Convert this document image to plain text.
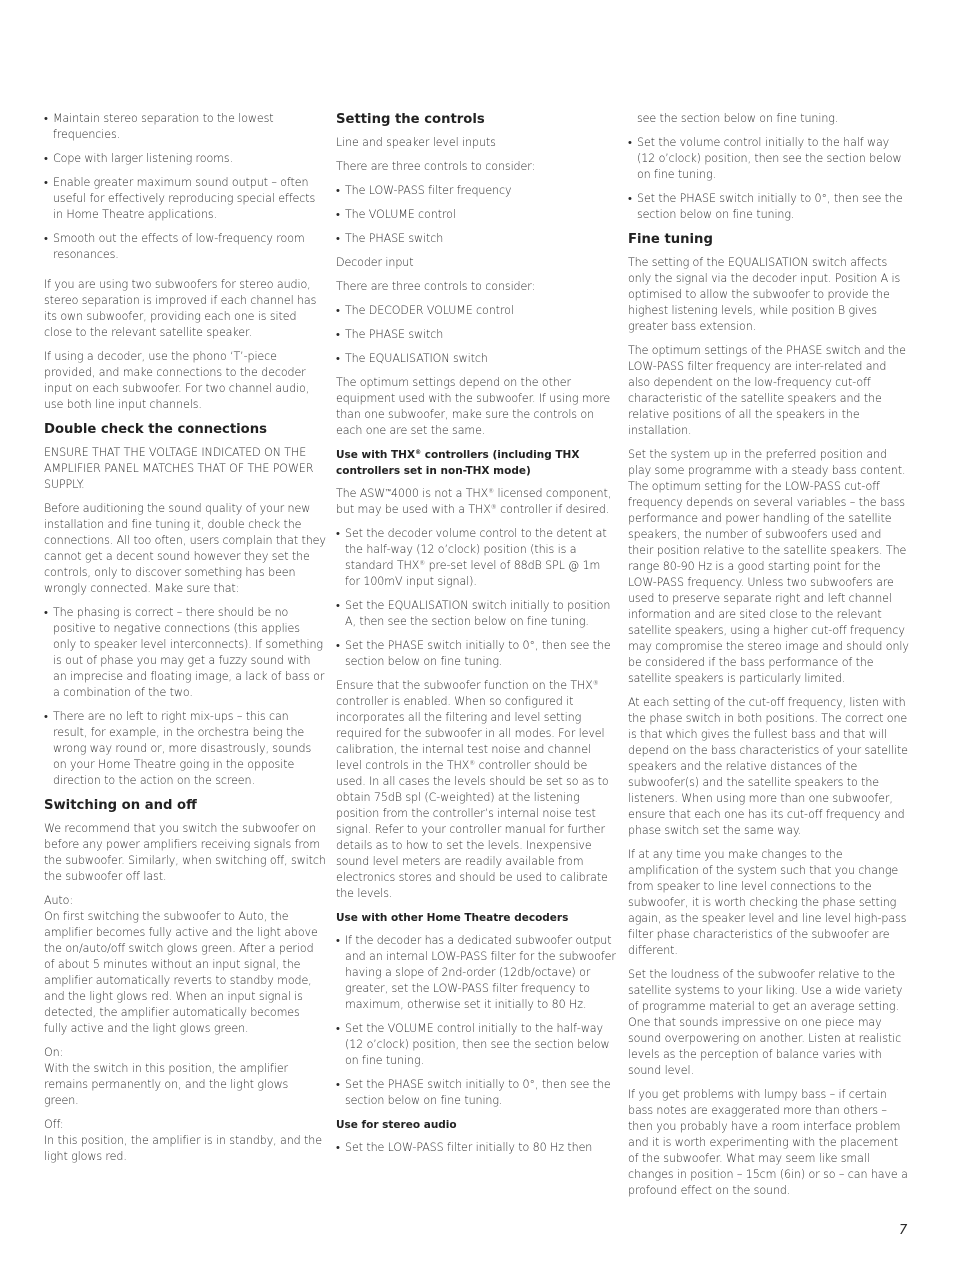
• Maintain stereo separation to the lowest frequencies.

• Cope with larger listening rooms.

• Enable greater maximum sound output – often useful for effectively reproducing special effects in Home Theatre applications.

• Smooth out the effects of low-frequency room resonances.

If you are using two subwoofers for stereo audio, stereo separation is improved if each channel has its own subwoofer, providing each one is sited close to the relevant satellite speaker.

If using a decoder, use the phono ‘T’-piece provided, and make connections to the decoder input on each subwoofer. For two channel audio, use both line input channels.

Double check the connections

ENSURE THAT THE VOLTAGE INDICATED ON THE AMPLIFIER PANEL MATCHES THAT OF THE POWER SUPPLY.

Before auditioning the sound quality of your new installation and fine tuning it, double check the connections. All too often, users complain that they cannot get a decent sound however they set the controls, only to discover something has been wrongly connected. Make sure that:

• The phasing is correct – there should be no positive to negative connections (this applies only to speaker level interconnects). If something is out of phase you may get a fuzzy sound with an imprecise and floating image, a lack of bass or a combination of the two.

• There are no left to right mix-ups – this can result, for example, in the orchestra being the wrong way round or, more disastrously, sounds on your Home Theatre going in the opposite direction to the action on the screen.

Switching on and off

We recommend that you switch the subwoofer on before any power amplifiers receiving signals from the subwoofer. Similarly, when switching off, switch the subwoofer off last.

Auto:

On first switching the subwoofer to Auto, the amplifier becomes fully active and the light above the on/auto/off switch glows green. After a period of about 5 minutes without an input signal, the amplifier automatically reverts to standby mode, and the light glows red. When an input signal is detected, the amplifier automatically becomes fully active and the light glows green.

On:

With the switch in this position, the amplifier remains permanently on, and the light glows green.

Off:

In this position, the amplifier is in standby, and the light glows red.

Setting the controls

Line and speaker level inputs

There are three controls to consider:

• The LOW-PASS filter frequency

• The VOLUME control

• The PHASE switch

Decoder input

There are three controls to consider:

• The DECODER VOLUME control

• The PHASE switch

• The EQUALISATION switch

The optimum settings depend on the other equipment used with the subwoofer. If using more than one subwoofer, make sure the controls on each one are set the same.

Use with THX® controllers (including THX controllers set in non-THX mode)

The ASW™4000 is not a THX® licensed component, but may be used with a THX® controller if desired.

• Set the decoder volume control to the detent at the half-way (12 o’clock) position (this is a standard THX® pre-set level of 88dB SPL @ 1m for 100mV input signal).

• Set the EQUALISATION switch initially to position A, then see the section below on fine tuning.

• Set the PHASE switch initially to 0°, then see the section below on fine tuning.

Ensure that the subwoofer function on the THX® controller is enabled. When so configured it incorporates all the filtering and level setting required for the subwoofer in all modes. For level calibration, the internal test noise and channel level controls in the THX® controller should be used. In all cases the levels should be set so as to obtain 75dB spl (C-weighted) at the listening position from the controller’s internal noise test signal. Refer to your controller manual for further details as to how to set the levels. Inexpensive sound level meters are readily available from electronics stores and should be used to calibrate the levels.

Use with other Home Theatre decoders

• If the decoder has a dedicated subwoofer output and an internal LOW-PASS filter for the subwoofer having a slope of 2nd-order (12db/octave) or greater, set the LOW-PASS filter frequency to maximum, otherwise set it initially to 80 Hz.

• Set the VOLUME control initially to the half-way (12 o’clock) position, then see the section below on fine tuning.

• Set the PHASE switch initially to 0°, then see the section below on fine tuning.

Use for stereo audio

• Set the LOW-PASS filter initially to 80 Hz then

see the section below on fine tuning.

• Set the volume control initially to the half way (12 o’clock) position, then see the section below on fine tuning.

• Set the PHASE switch initially to 0°, then see the section below on fine tuning.

Fine tuning

The setting of the EQUALISATION switch affects only the signal via the decoder input. Position A is optimised to allow the subwoofer to provide the highest listening levels, while position B gives greater bass extension.

The optimum settings of the PHASE switch and the LOW-PASS filter frequency are inter-related and also dependent on the low-frequency cut-off characteristic of the satellite speakers and the relative positions of all the speakers in the installation.

Set the system up in the preferred position and play some programme with a steady bass content. The optimum setting for the LOW-PASS cut-off frequency depends on several variables – the bass performance and power handling of the satellite speakers, the number of subwoofers used and their position relative to the satellite speakers. The range 80-90 Hz is a good starting point for the LOW-PASS frequency. Unless two subwoofers are used to preserve separate right and left channel information and are sited close to the relevant satellite speakers, using a higher cut-off frequency may compromise the stereo image and should only be considered if the bass performance of the satellite speakers is particularly limited.

At each setting of the cut-off frequency, listen with the phase switch in both positions. The correct one is that which gives the fullest bass and that will depend on the bass characteristics of your satellite speakers and the relative distances of the subwoofer(s) and the satellite speakers to the listeners. When using more than one subwoofer, ensure that each one has its cut-off frequency and phase switch set the same way.

If at any time you make changes to the amplification of the system such that you change from speaker to line level connections to the subwoofer, it is worth checking the phase setting again, as the speaker level and line level high-pass filter phase characteristics of the subwoofer are different.

Set the loudness of the subwoofer relative to the satellite systems to your liking. Use a wide variety of programme material to get an average setting. One that sounds impressive on one piece may sound overpowering on another. Listen at realistic levels as the perception of balance varies with sound level.

If you get problems with lumpy bass – if certain bass notes are exaggerated more than others – then you probably have a room interface problem and it is worth experimenting with the placement of the subwoofer. What may seem like small changes in position – 15cm (6in) or so – can have a profound effect on the sound.

7
